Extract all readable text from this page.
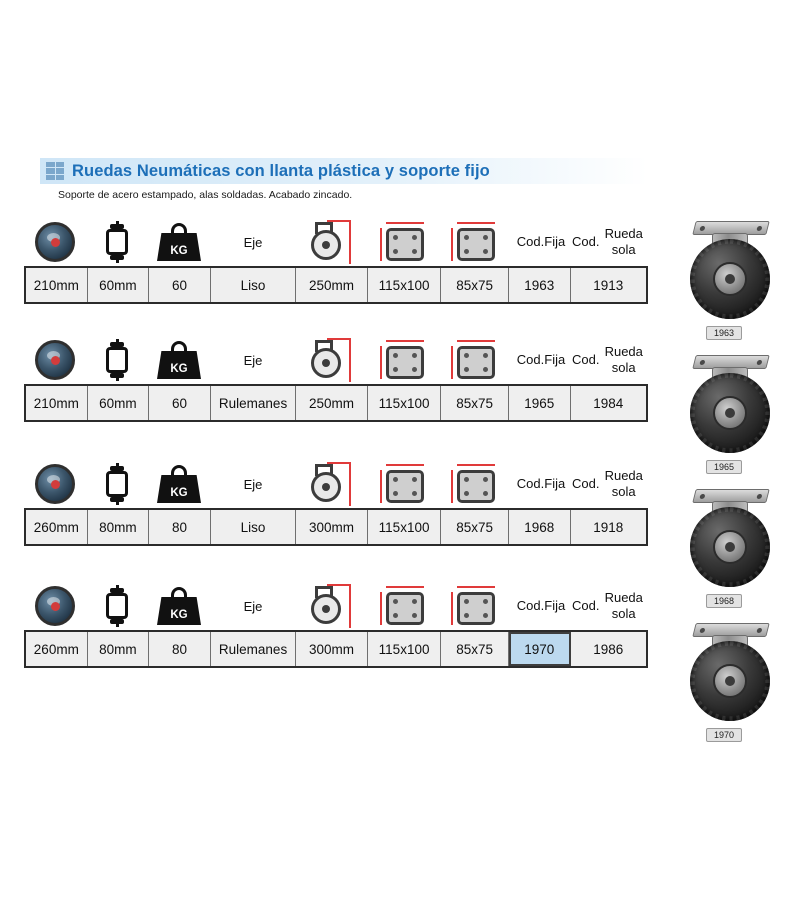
Ruedas Neumáticas con llanta plástica y soporte fijo
Soporte de acero estampado, alas soldadas. Acabado zincado.
KG
Eje	Cod. Fija Cod.

Rueda sola
210mm	60mm	60	Liso	250mm	115x100	85x75	1963	1913
KG
Eje	Cod. Fija Cod.

Rueda sola
210mm	60mm	60	Rulemanes	250mm	115x100	85x75	1965	1984
KG
Eje	Cod. Fija Cod.

Rueda sola
260mm	80mm	80	Liso	300mm	115x100	85x75	1968	1918
KG
Eje	Cod. Fija Cod.

Rueda sola
260mm	80mm	80	Rulemanes	300mm	115x100	85x75	1970	1986
1963
1965
1968
1970
